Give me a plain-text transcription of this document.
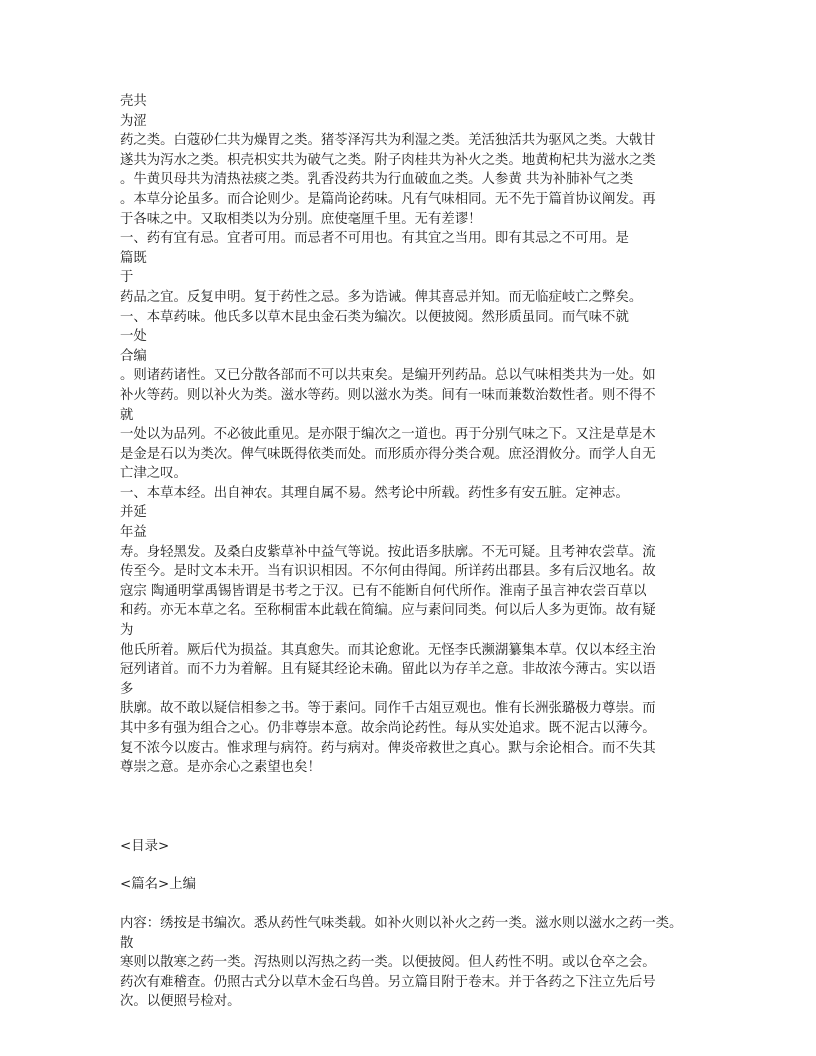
壳共
为涩
药之类。白蔻砂仁共为燥胃之类。猪苓泽泻共为利湿之类。羌活独活共为驱风之类。大戟甘
遂共为泻水之类。枳壳枳实共为破气之类。附子肉桂共为补火之类。地黄枸杞共为滋水之类
。牛黄贝母共为清热祛痰之类。乳香没药共为行血破血之类。人参黄 共为补肺补气之类
。本草分论虽多。而合论则少。是篇尚论药味。凡有气味相同。无不先于篇首协议阐发。再
于各味之中。又取相类以为分别。庶使毫厘千里。无有差谬！
一、药有宜有忌。宜者可用。而忌者不可用也。有其宜之当用。即有其忌之不可用。是
篇既
于
药品之宜。反复申明。复于药性之忌。多为诰诫。俾其喜忌并知。而无临症岐亡之弊矣。
一、本草药味。他氏多以草木昆虫金石类为编次。以便披阅。然形质虽同。而气味不就
一处
合编
。则诸药诸性。又已分散各部而不可以共束矣。是编开列药品。总以气味相类共为一处。如
补火等药。则以补火为类。滋水等药。则以滋水为类。间有一味而兼数治数性者。则不得不
就
一处以为品列。不必彼此重见。是亦限于编次之一道也。再于分别气味之下。又注是草是木
是金是石以为类次。俾气味既得依类而处。而形质亦得分类合观。庶泾渭攸分。而学人自无
亡津之叹。
一、本草本经。出自神农。其理自属不易。然考论中所载。药性多有安五脏。定神志。
并延
年益
寿。身轻黑发。及桑白皮紫草补中益气等说。按此语多肤廓。不无可疑。且考神农尝草。流
传至今。是时文本未开。当有识识相因。不尔何由得闻。所详药出郡县。多有后汉地名。故
寇宗 陶通明掌禹锡皆谓是书考之于汉。已有不能断自何代所作。淮南子虽言神农尝百草以
和药。亦无本草之名。至称桐雷本此载在简编。应与素问同类。何以后人多为更饰。故有疑
为
他氏所着。厥后代为损益。其真愈失。而其论愈讹。无怪李氏濒湖纂集本草。仅以本经主治
冠列诸首。而不力为着解。且有疑其经论未确。留此以为存羊之意。非故浓今薄古。实以语
多
肤廓。故不敢以疑信相参之书。等于素问。同作千古俎豆观也。惟有长洲张璐极力尊崇。而
其中多有强为组合之心。仍非尊崇本意。故余尚论药性。每从实处追求。既不泥古以薄今。
复不浓今以废古。惟求理与病符。药与病对。俾炎帝救世之真心。默与余论相合。而不失其
尊崇之意。是亦余心之素望也矣！
<目录>
<篇名>上编
内容：绣按是书编次。悉从药性气味类载。如补火则以补火之药一类。滋水则以滋水之药一类。
散
寒则以散寒之药一类。泻热则以泻热之药一类。以便披阅。但人药性不明。或以仓卒之会。
药次有难稽查。仍照古式分以草木金石鸟兽。另立篇目附于卷末。并于各药之下注立先后号
次。以便照号检对。
